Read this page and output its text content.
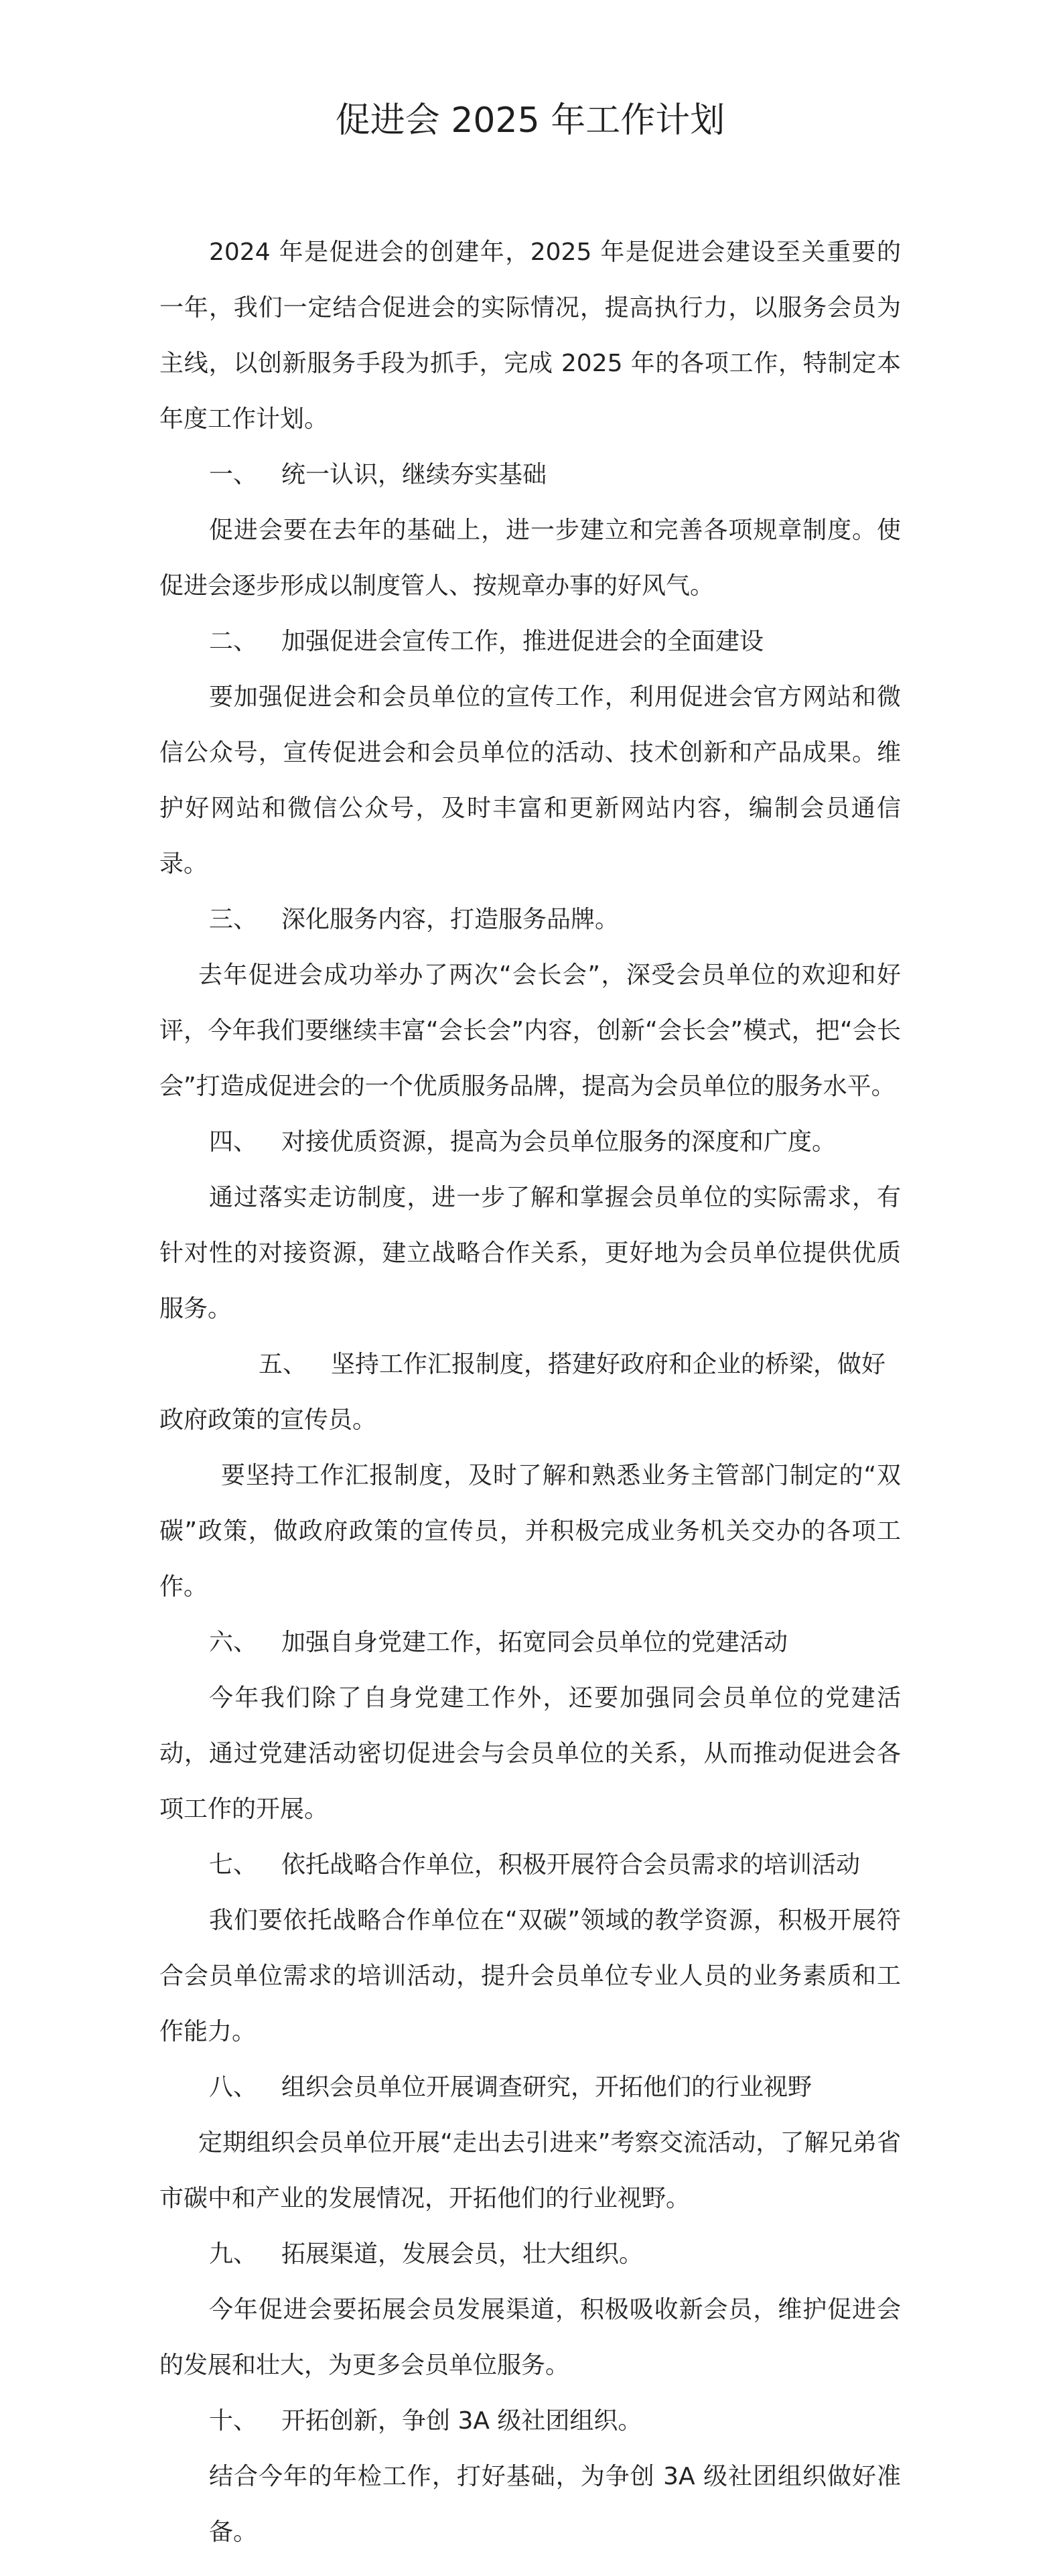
促进会 2025 年工作计划

2024 年是促进会的创建年，2025 年是促进会建设至关重要的一年，我们一定结合促进会的实际情况，提高执行力，以服务会员为主线，以创新服务手段为抓手，完成 2025 年的各项工作，特制定本年度工作计划。

一、 统一认识，继续夯实基础

促进会要在去年的基础上，进一步建立和完善各项规章制度。使促进会逐步形成以制度管人、按规章办事的好风气。

二、 加强促进会宣传工作，推进促进会的全面建设

要加强促进会和会员单位的宣传工作，利用促进会官方网站和微信公众号，宣传促进会和会员单位的活动、技术创新和产品成果。维护好网站和微信公众号，及时丰富和更新网站内容，编制会员通信录。

三、 深化服务内容，打造服务品牌。

去年促进会成功举办了两次“会长会”，深受会员单位的欢迎和好评，今年我们要继续丰富“会长会”内容，创新“会长会”模式，把“会长会”打造成促进会的一个优质服务品牌，提高为会员单位的服务水平。

四、 对接优质资源，提高为会员单位服务的深度和广度。

通过落实走访制度，进一步了解和掌握会员单位的实际需求，有针对性的对接资源，建立战略合作关系，更好地为会员单位提供优质服务。

五、 坚持工作汇报制度，搭建好政府和企业的桥梁，做好政府政策的宣传员。

要坚持工作汇报制度，及时了解和熟悉业务主管部门制定的“双碳”政策，做政府政策的宣传员，并积极完成业务机关交办的各项工作。

六、 加强自身党建工作，拓宽同会员单位的党建活动

今年我们除了自身党建工作外，还要加强同会员单位的党建活动，通过党建活动密切促进会与会员单位的关系，从而推动促进会各项工作的开展。

七、 依托战略合作单位，积极开展符合会员需求的培训活动

我们要依托战略合作单位在“双碳”领域的教学资源，积极开展符合会员单位需求的培训活动，提升会员单位专业人员的业务素质和工作能力。

八、 组织会员单位开展调查研究，开拓他们的行业视野

定期组织会员单位开展“走出去引进来”考察交流活动，了解兄弟省市碳中和产业的发展情况，开拓他们的行业视野。

九、 拓展渠道，发展会员，壮大组织。

今年促进会要拓展会员发展渠道，积极吸收新会员，维护促进会的发展和壮大，为更多会员单位服务。

十、 开拓创新，争创 3A 级社团组织。

结合今年的年检工作，打好基础，为争创 3A 级社团组织做好准备。
